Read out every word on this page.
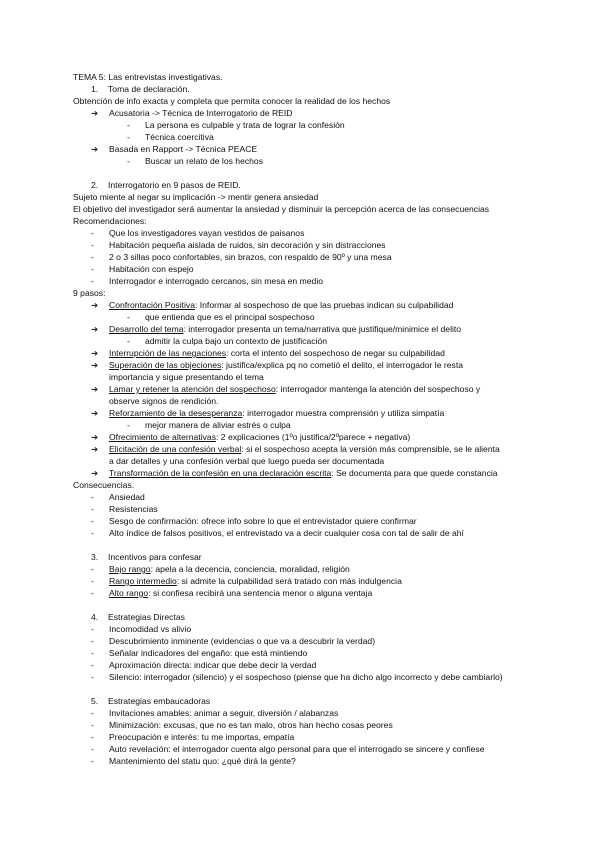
TEMA 5: Las entrevistas investigativas.
1. Toma de declaración.
Obtención de info exacta y completa que permita conocer la realidad de los hechos
➔ Acusatoria -> Técnica de Interrogatorio de REID
- La persona es culpable y trata de lograr la confesión
- Técnica coercitiva
➔ Basada en Rapport -> Técnica PEACE
- Buscar un relato de los hechos
2. Interrogatorio en 9 pasos de REID.
Sujeto miente al negar su implicación -> mentir genera ansiedad
El objetivo del investigador será aumentar la ansiedad y disminuir la percepción acerca de las consecuencias
Recomendaciones:
- Que los investigadores vayan vestidos de paisanos
- Habitación pequeña aislada de ruidos, sin decoración y sin distracciones
- 2 o 3 sillas poco confortables, sin brazos, con respaldo de 90º y una mesa
- Habitación con espejo
- Interrogador e interrogado cercanos, sin mesa en medio
9 pasos:
➔ Confrontación Positiva: Informar al sospechoso de que las pruebas indican su culpabilidad
- que entienda que es el principal sospechoso
➔ Desarrollo del tema: interrogador presenta un tema/narrativa que justifique/minimice el delito
- admitir la culpa bajo un contexto de justificación
➔ Interrupción de las negaciones: corta el intento del sospechoso de negar su culpabilidad
➔ Superación de las objeciones: justifica/explica pq no cometió el delito, el interrogador le resta
importancia y sigue presentando el tema
➔ Lamar y retener la atención del sospechoso: interrogador mantenga la atención del sospechoso y
observe signos de rendición.
➔ Reforzamiento de la desesperanza: interrogador muestra comprensión y utiliza simpatía
- mejor manera de aliviar estrés o culpa
➔ Ofrecimiento de alternativas: 2 explicaciones (1ºo justifica/2ºparece + negativa)
➔ Elicitación de una confesión verbal: si el sospechoso acepta la versión más comprensible, se le alienta
a dar detalles y una confesión verbal que luego pueda ser documentada
➔ Transformación de la confesión en una declaración escrita: Se documenta para que quede constancia
Consecuencias.
- Ansiedad
- Resistencias
- Sesgo de confirmación: ofrece info sobre lo que el entrevistador quiere confirmar
- Alto índice de falsos positivos, el entrevistado va a decir cualquier cosa con tal de salir de ahí
3. Incentivos para confesar
- Bajo rango: apela a la decencia, conciencia, moralidad, religión
- Rango intermedio: si admite la culpabilidad será tratado con más indulgencia
- Alto rango: si confiesa recibirá una sentencia menor o alguna ventaja
4. Estrategias Directas
- Incomodidad vs alivio
- Descubrimiento inminente (evidencias o que va a descubrir la verdad)
- Señalar indicadores del engaño: que está mintiendo
- Aproximación directa: indicar que debe decir la verdad
- Silencio: interrogador (silencio) y el sospechoso (piense que ha dicho algo incorrecto y debe cambiarlo)
5. Estrategias embaucadoras
- Invitaciones amables: animar a seguir, diversión / alabanzas
- Minimización: excusas, que no es tan malo, otros han hecho cosas peores
- Preocupación e interés: tu me importas, empatía
- Auto revelación: el interrogador cuenta algo personal para que el interrogado se sincere y confiese
- Mantenimiento del statu quo: ¿qué dirá la gente?
